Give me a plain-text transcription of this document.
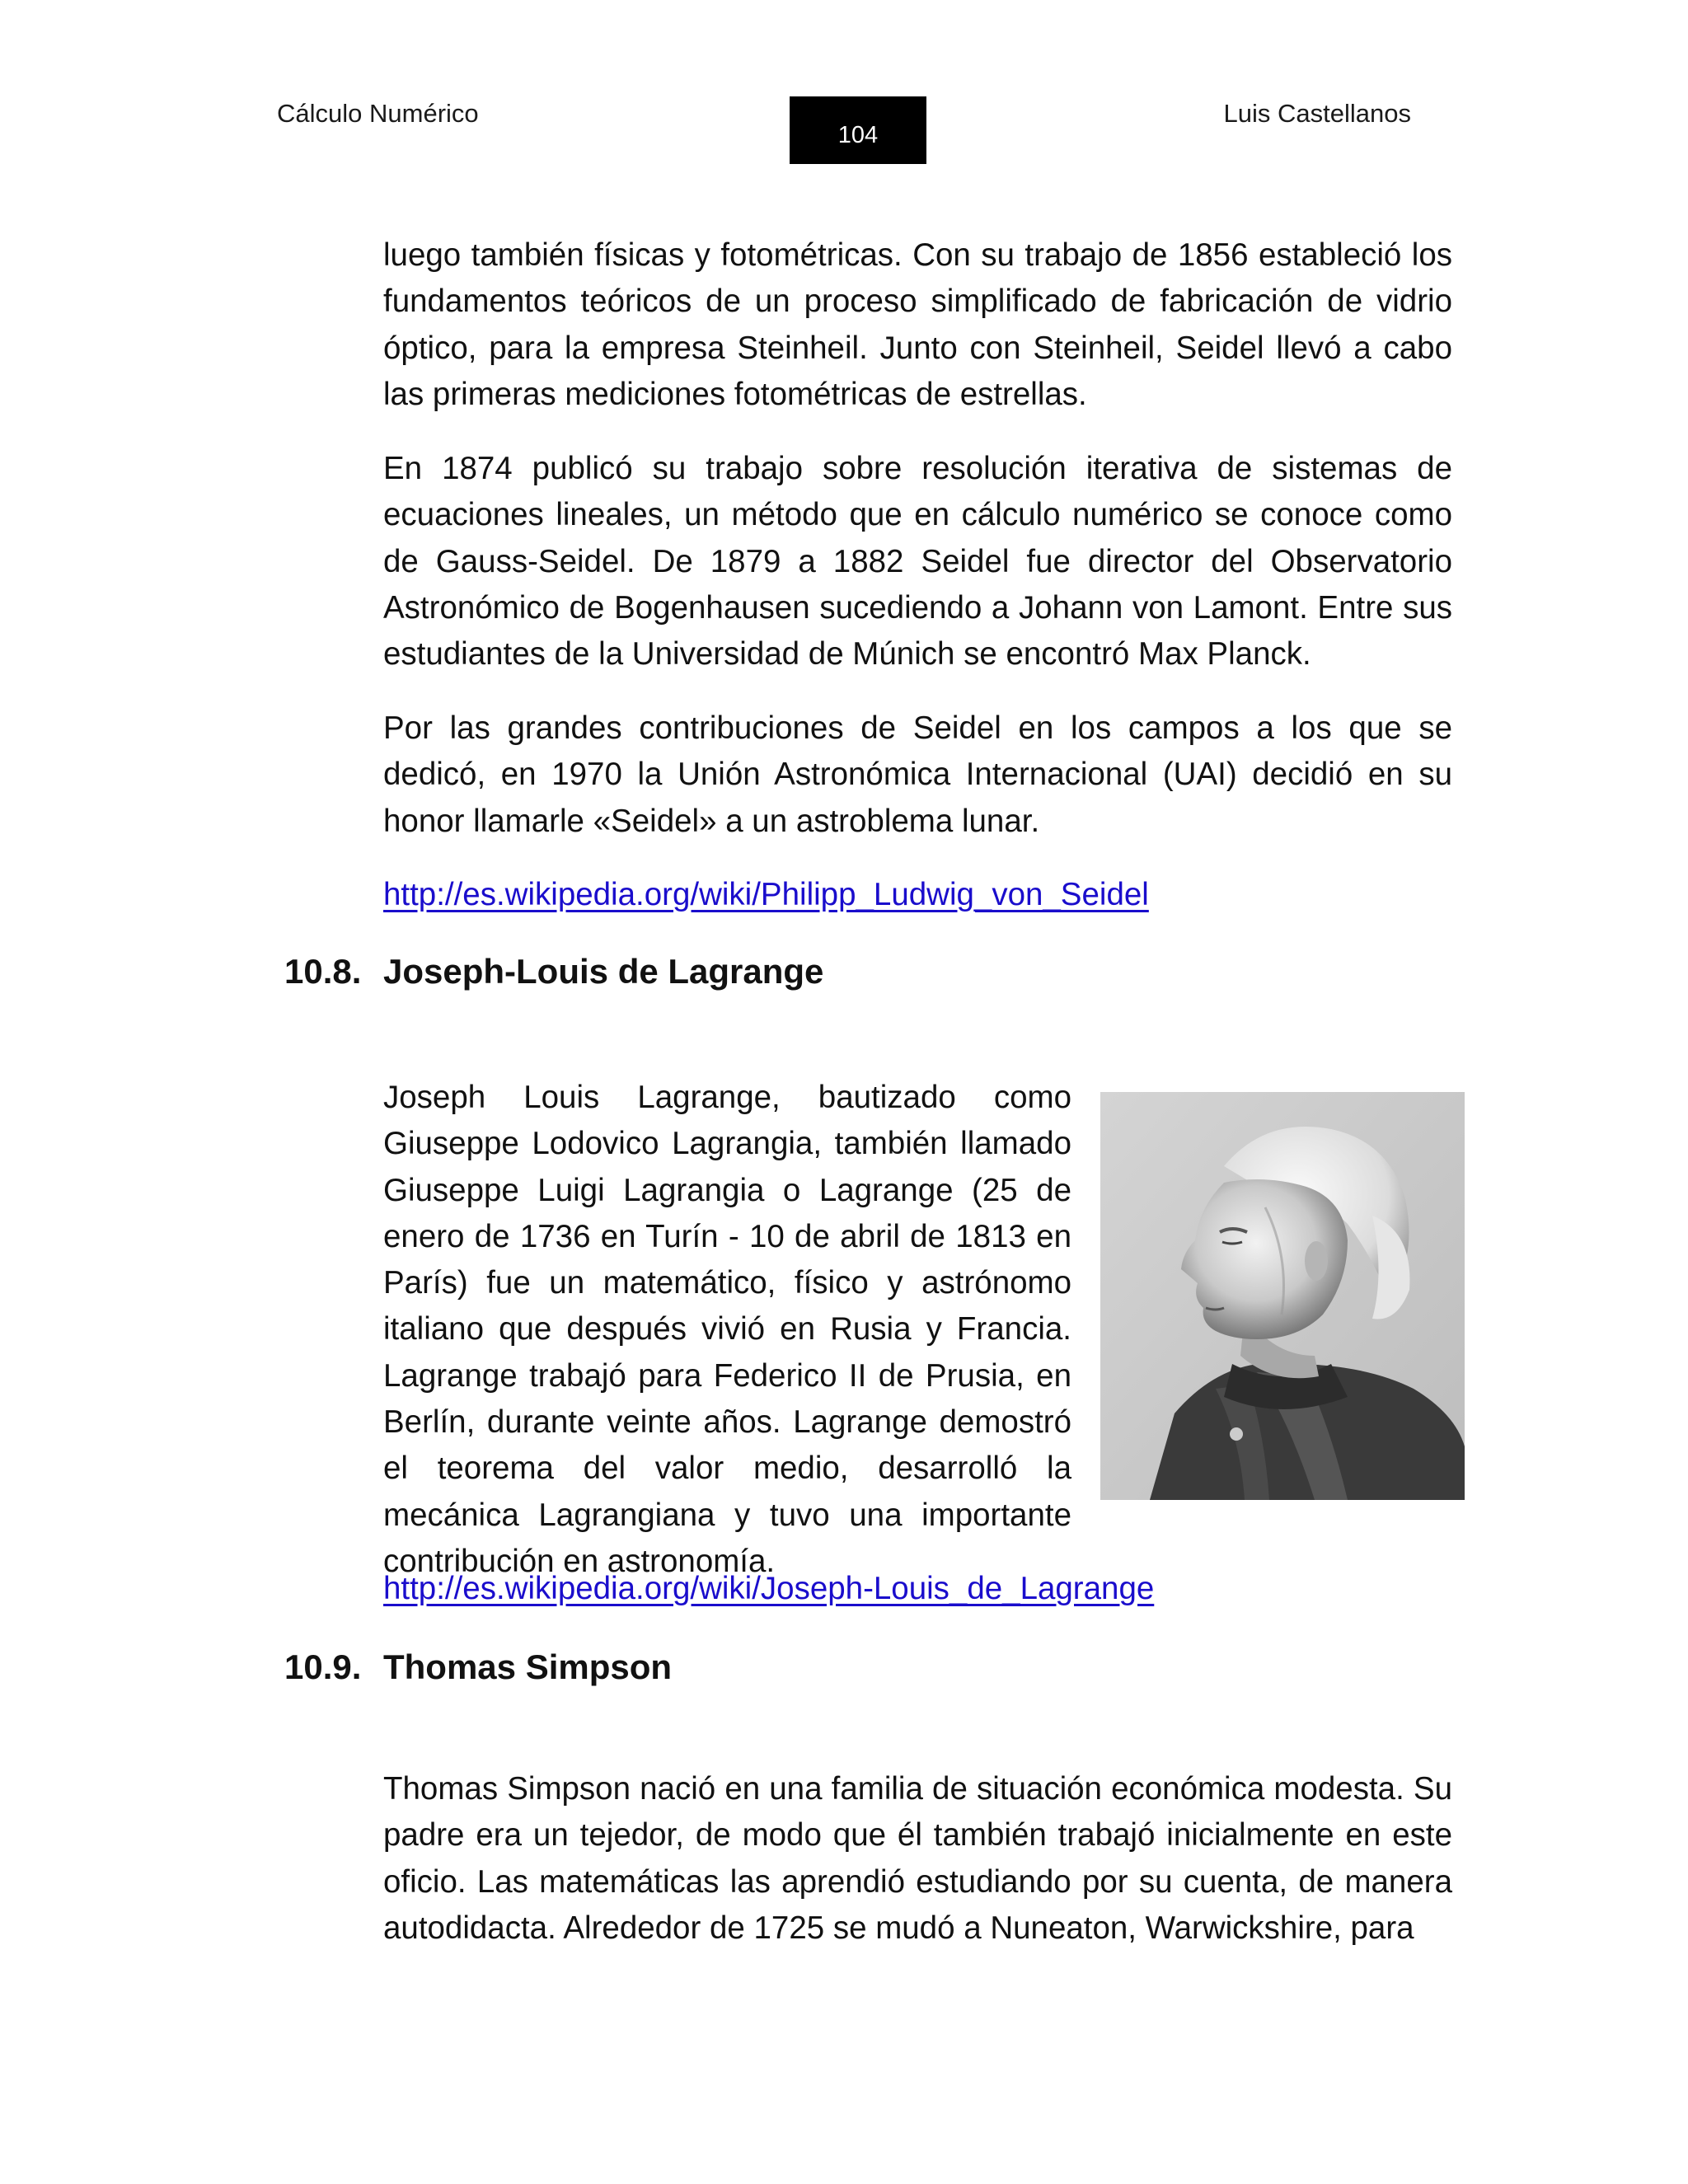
Cálculo Numérico
104
Luis Castellanos
luego también físicas y fotométricas. Con su trabajo de 1856 estableció los fundamentos teóricos de un proceso simplificado de fabricación de vidrio óptico, para la empresa Steinheil. Junto con Steinheil, Seidel llevó a cabo las primeras mediciones fotométricas de estrellas.
En 1874 publicó su trabajo sobre resolución iterativa de sistemas de ecuaciones lineales, un método que en cálculo numérico se conoce como de Gauss-Seidel. De 1879 a 1882 Seidel fue director del Observatorio Astronómico de Bogenhausen sucediendo a Johann von Lamont. Entre sus estudiantes de la Universidad de Múnich se encontró Max Planck.
Por las grandes contribuciones de Seidel en los campos a los que se dedicó, en 1970 la Unión Astronómica Internacional (UAI) decidió en su honor llamarle «Seidel» a un astroblema lunar.
http://es.wikipedia.org/wiki/Philipp_Ludwig_von_Seidel
10.8. Joseph-Louis de Lagrange
Joseph Louis Lagrange, bautizado como Giuseppe Lodovico Lagrangia, también llamado Giuseppe Luigi Lagrangia o Lagrange (25 de enero de 1736 en Turín - 10 de abril de 1813 en París) fue un matemático, físico y astrónomo italiano que después vivió en Rusia y Francia. Lagrange trabajó para Federico II de Prusia, en Berlín, durante veinte años. Lagrange demostró el teorema del valor medio, desarrolló la mecánica Lagrangiana y tuvo una importante contribución en astronomía.
http://es.wikipedia.org/wiki/Joseph-Louis_de_Lagrange
10.9. Thomas Simpson
Thomas Simpson nació en una familia de situación económica modesta. Su padre era un tejedor, de modo que él también trabajó inicialmente en este oficio. Las matemáticas las aprendió estudiando por su cuenta, de manera autodidacta. Alrededor de 1725 se mudó a Nuneaton, Warwickshire, para
